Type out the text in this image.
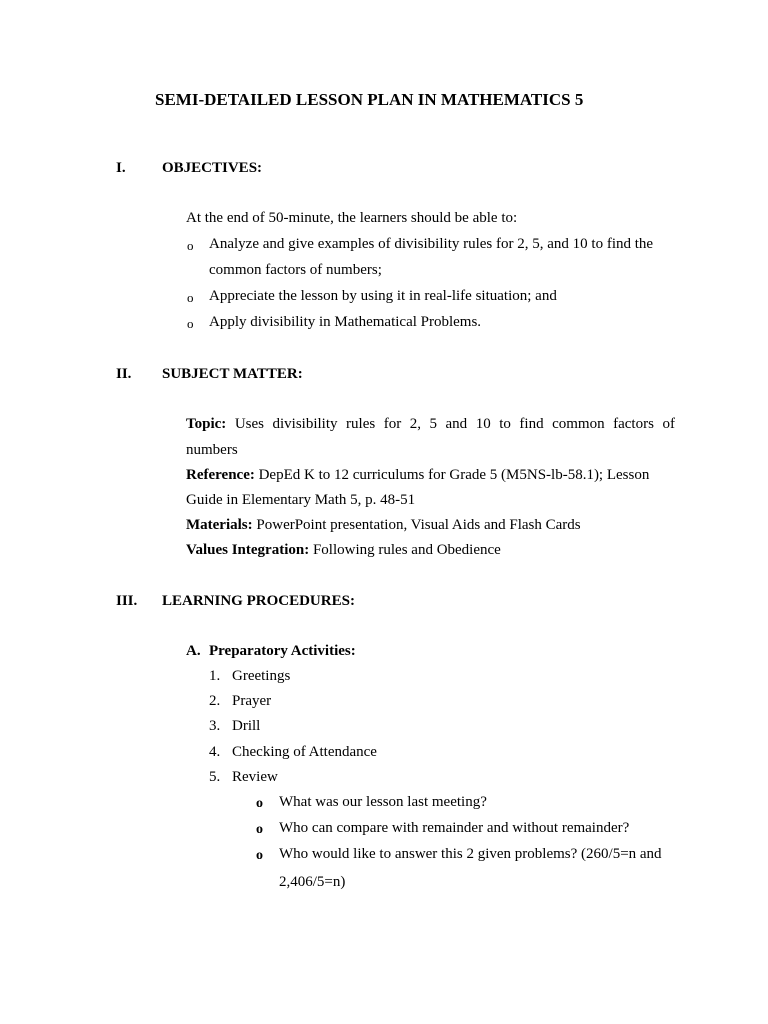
SEMI-DETAILED LESSON PLAN IN MATHEMATICS 5
I. OBJECTIVES:
At the end of 50-minute, the learners should be able to:
o Analyze and give examples of divisibility rules for 2, 5, and 10 to find the
common factors of numbers;
o Appreciate the lesson by using it in real-life situation; and
o Apply divisibility in Mathematical Problems.
II. SUBJECT MATTER:
Topic: Uses divisibility rules for 2, 5 and 10 to find common factors of
numbers
Reference: DepEd K to 12 curriculums for Grade 5 (M5NS-lb-58.1); Lesson
Guide in Elementary Math 5, p. 48-51
Materials: PowerPoint presentation, Visual Aids and Flash Cards
Values Integration: Following rules and Obedience
III. LEARNING PROCEDURES:
A. Preparatory Activities:
1. Greetings
2. Prayer
3. Drill
4. Checking of Attendance
5. Review
o What was our lesson last meeting?
o Who can compare with remainder and without remainder?
o Who would like to answer this 2 given problems? (260/5=n and
2,406/5=n)
